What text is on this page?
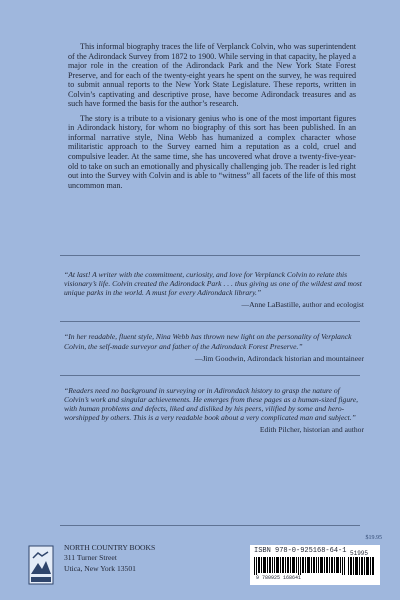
This informal biography traces the life of Verplanck Colvin, who was superintendent of the Adirondack Survey from 1872 to 1900. While serving in that capacity, he played a major role in the creation of the Adirondack Park and the New York State Forest Preserve, and for each of the twenty-eight years he spent on the survey, he was required to submit annual reports to the New York State Legislature. These reports, written in Colvin’s captivating and descriptive prose, have become Adirondack treasures and as such have formed the basis for the author’s research.

The story is a tribute to a visionary genius who is one of the most important figures in Adirondack history, for whom no biography of this sort has been published. In an informal narrative style, Nina Webb has humanized a complex character whose militaristic approach to the Survey earned him a reputation as a cold, cruel and compulsive leader. At the same time, she has uncovered what drove a twenty-five-year-old to take on such an emotionally and physically challenging job. The reader is led right out into the Survey with Colvin and is able to “witness” all facets of the life of this most uncommon man.

“At last! A writer with the commitment, curiosity, and love for Verplanck Colvin to relate this visionary’s life. Colvin created the Adirondack Park . . . thus giving us one of the wildest and most unique parks in the world. A must for every Adirondack library.”

—Anne LaBastille, author and ecologist

“In her readable, fluent style, Nina Webb has thrown new light on the personality of Verplanck Colvin, the self-made surveyor and father of the Adirondack Forest Preserve.”

—Jim Goodwin, Adirondack historian and mountaineer

“Readers need no background in surveying or in Adirondack history to grasp the nature of Colvin’s work and singular achievements. He emerges from these pages as a human-sized figure, with human problems and defects, liked and disliked by his peers, vilified by some and hero-worshipped by others. This is a very readable book about a very complicated man and subject.”

Edith Pilcher, historian and author

$19.95
NORTH COUNTRY BOOKS
311 Turner Street
Utica, New York 13501
ISBN 978-0-925168-64-1 51995
9 780925 168641
